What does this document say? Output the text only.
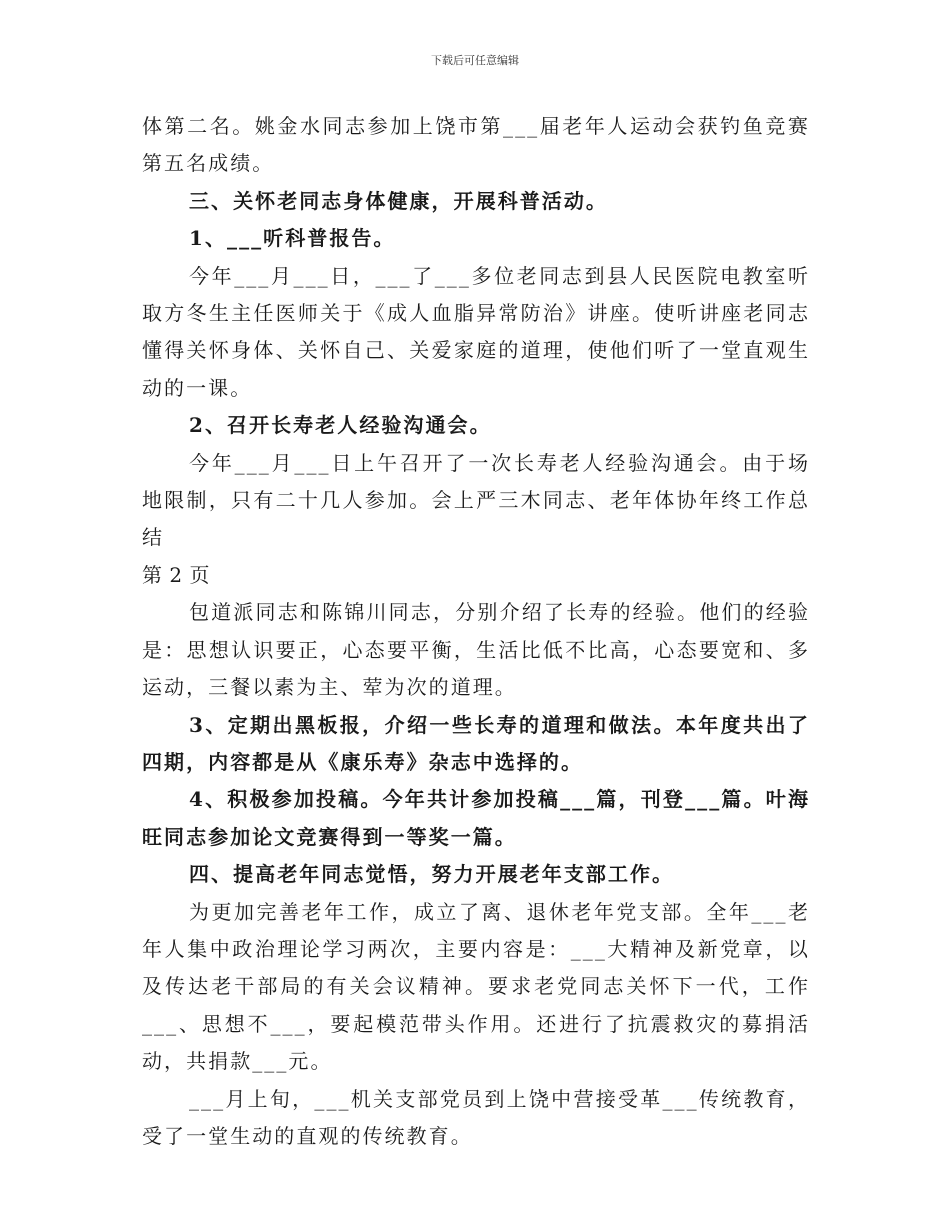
下载后可任意编辑

体第二名。姚金水同志参加上饶市第___届老年人运动会获钓鱼竞赛第五名成绩。

三、关怀老同志身体健康，开展科普活动。

1、___听科普报告。

今年___月___日，___了___多位老同志到县人民医院电教室听取方冬生主任医师关于《成人血脂异常防治》讲座。使听讲座老同志懂得关怀身体、关怀自己、关爱家庭的道理，使他们听了一堂直观生动的一课。

2、召开长寿老人经验沟通会。

今年___月___日上午召开了一次长寿老人经验沟通会。由于场地限制，只有二十几人参加。会上严三木同志、老年体协年终工作总结

第 2 页

包道派同志和陈锦川同志，分别介绍了长寿的经验。他们的经验是：思想认识要正，心态要平衡，生活比低不比高，心态要宽和、多运动，三餐以素为主、荤为次的道理。

3、定期出黑板报，介绍一些长寿的道理和做法。本年度共出了四期，内容都是从《康乐寿》杂志中选择的。

4、积极参加投稿。今年共计参加投稿___篇，刊登___篇。叶海旺同志参加论文竞赛得到一等奖一篇。

四、提高老年同志觉悟，努力开展老年支部工作。

为更加完善老年工作，成立了离、退休老年党支部。全年___老年人集中政治理论学习两次，主要内容是：___大精神及新党章，以及传达老干部局的有关会议精神。要求老党同志关怀下一代，工作___、思想不___，要起模范带头作用。还进行了抗震救灾的募捐活动，共捐款___元。

___月上旬，___机关支部党员到上饶中营接受革___传统教育，受了一堂生动的直观的传统教育。
